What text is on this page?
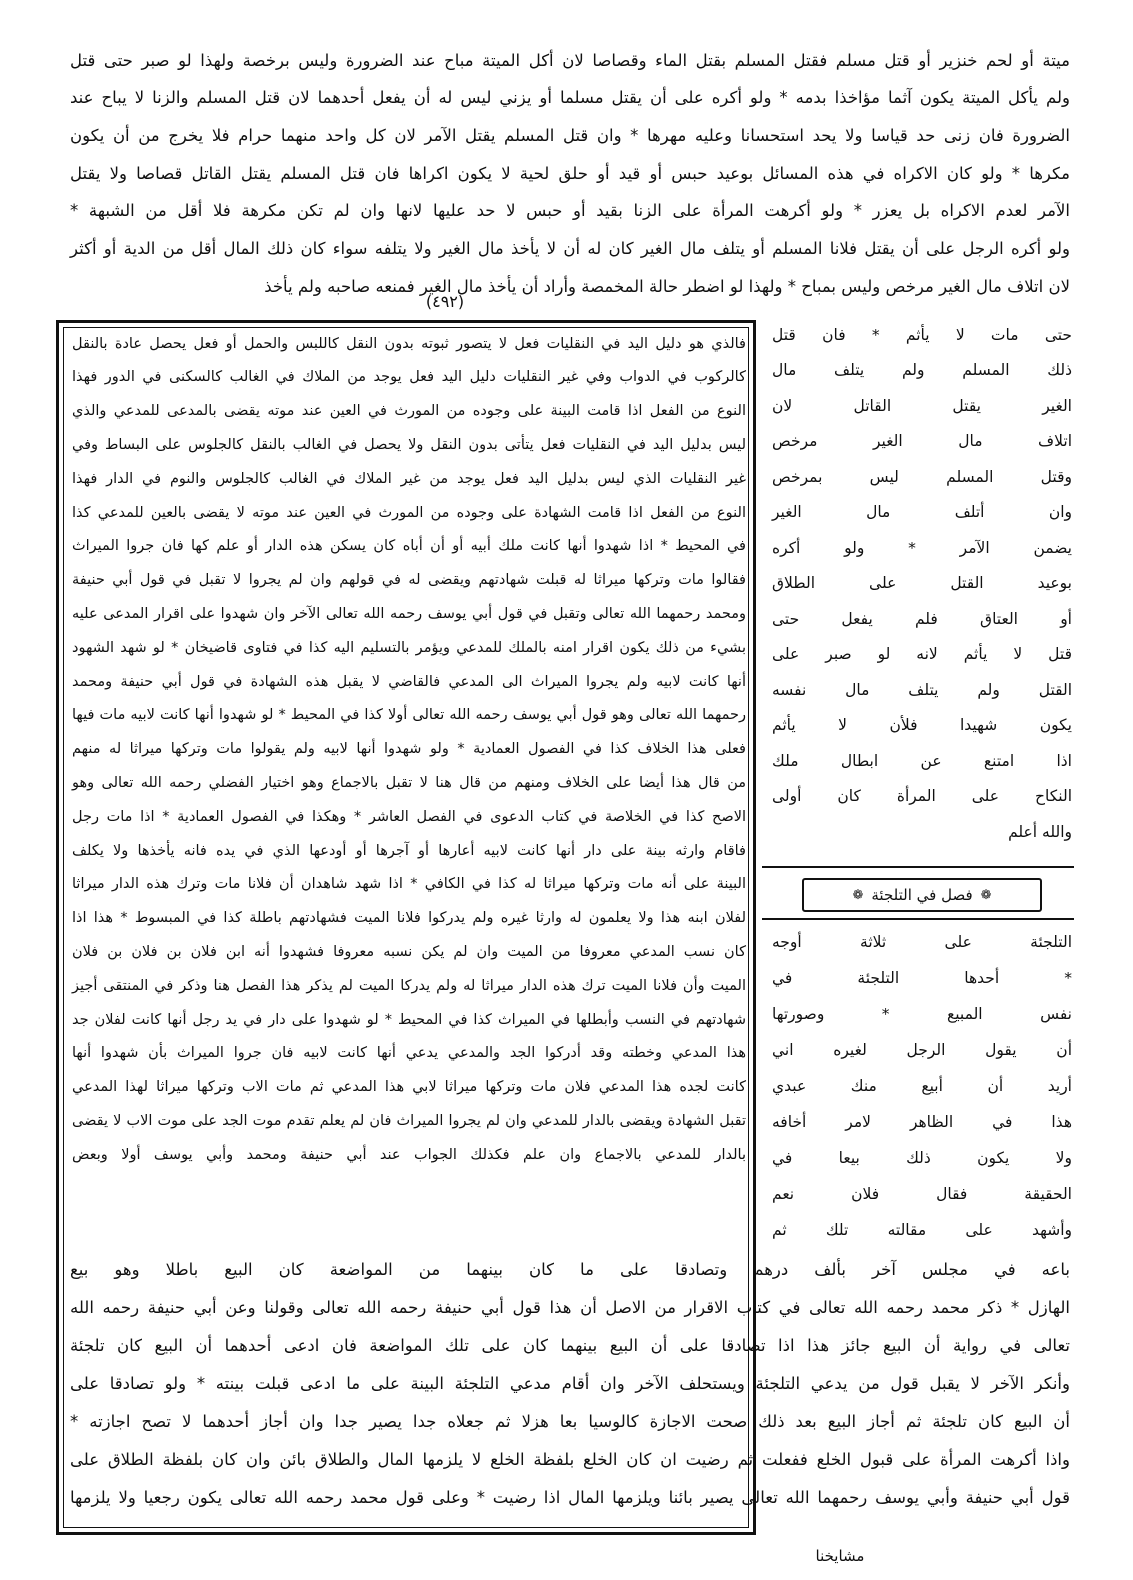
ميتة أو لحم خنزير أو قتل مسلم فقتل المسلم بقتل الماء وقصاصا لان أكل الميتة مباح عند الضرورة وليس برخصة ولهذا لو صبر حتى قتل
ولم يأكل الميتة يكون آثما مؤاخذا بدمه * ولو أكره على أن يقتل مسلما أو يزني ليس له أن يفعل أحدهما لان قتل المسلم والزنا لا يباح عند
الضرورة فان زنى حد قياسا ولا يحد استحسانا وعليه مهرها * وان قتل المسلم يقتل الآمر لان كل واحد منهما حرام فلا يخرج من أن يكون
مكرها * ولو كان الاكراه في هذه المسائل بوعيد حبس أو قيد أو حلق لحية لا يكون اكراها فان قتل المسلم يقتل القاتل قصاصا ولا يقتل
الآمر لعدم الاكراه بل يعزر * ولو أكرهت المرأة على الزنا بقيد أو حبس لا حد عليها لانها وان لم تكن مكرهة فلا أقل من الشبهة *
ولو أكره الرجل على أن يقتل فلانا المسلم أو يتلف مال الغير كان له أن لا يأخذ مال الغير ولا يتلفه سواء كان ذلك المال أقل من الدية أو أكثر
لان اتلاف مال الغير مرخص وليس بمباح * ولهذا لو اضطر حالة المخمصة وأراد أن يأخذ مال الغير فمنعه صاحبه ولم يأخذ
(٤٩٢)
حتى مات لا يأثم * فان قتل
ذلك المسلم ولم يتلف مال
الغير يقتل القاتل لان
اتلاف مال الغير مرخص
وقتل المسلم ليس بمرخص
وان أتلف مال الغير
يضمن الآمر * ولو أكره
بوعيد القتل على الطلاق
أو العتاق فلم يفعل حتى
قتل لا يأثم لانه لو صبر على
القتل ولم يتلف مال نفسه
يكون شهيدا فلأن لا يأثم
اذا امتنع عن ابطال ملك
النكاح على المرأة كان أولى
والله أعلم
❁
فصل في التلجئة
❁
التلجئة على ثلاثة أوجه
* أحدها التلجئة في
نفس المبيع * وصورتها
أن يقول الرجل لغيره اني
أريد أن أبيع منك عبدي
هذا في الظاهر لامر أخافه
ولا يكون ذلك بيعا في
الحقيقة فقال فلان نعم
وأشهد على مقالته تلك ثم
فالذي هو دليل اليد في النقليات فعل لا يتصور ثبوته بدون النقل كاللبس والحمل أو فعل يحصل عادة بالنقل
كالركوب في الدواب وفي غير النقليات دليل اليد فعل يوجد من الملاك في الغالب كالسكنى في الدور فهذا
النوع من الفعل اذا قامت البينة على وجوده من المورث في العين عند موته يقضى بالمدعى للمدعي والذي
ليس بدليل اليد في النقليات فعل يتأتى بدون النقل ولا يحصل في الغالب بالنقل كالجلوس على البساط وفي
غير النقليات الذي ليس بدليل اليد فعل يوجد من غير الملاك في الغالب كالجلوس والنوم في الدار فهذا
النوع من الفعل اذا قامت الشهادة على وجوده من المورث في العين عند موته لا يقضى بالعين للمدعي كذا
في المحيط * اذا شهدوا أنها كانت ملك أبيه أو أن أباه كان يسكن هذه الدار أو علم كها فان جروا الميراث
فقالوا مات وتركها ميراثا له قبلت شهادتهم ويقضى له في قولهم وان لم يجروا لا تقبل في قول أبي حنيفة
ومحمد رحمهما الله تعالى وتقبل في قول أبي يوسف رحمه الله تعالى الآخر وان شهدوا على اقرار المدعى عليه
بشيء من ذلك يكون اقرار امنه بالملك للمدعي ويؤمر بالتسليم اليه كذا في فتاوى قاضيخان * لو شهد الشهود
أنها كانت لابيه ولم يجروا الميراث الى المدعي فالقاضي لا يقبل هذه الشهادة في قول أبي حنيفة ومحمد
رحمهما الله تعالى وهو قول أبي يوسف رحمه الله تعالى أولا كذا في المحيط * لو شهدوا أنها كانت لابيه مات فيها
فعلى هذا الخلاف كذا في الفصول العمادية * ولو شهدوا أنها لابيه ولم يقولوا مات وتركها ميراثا له منهم
من قال هذا أيضا على الخلاف ومنهم من قال هنا لا تقبل بالاجماع وهو اختيار الفضلي رحمه الله تعالى وهو
الاصح كذا في الخلاصة في كتاب الدعوى في الفصل العاشر * وهكذا في الفصول العمادية * اذا مات رجل
فاقام وارثه بينة على دار أنها كانت لابيه أعارها أو آجرها أو أودعها الذي في يده فانه يأخذها ولا يكلف
البينة على أنه مات وتركها ميراثا له كذا في الكافي * اذا شهد شاهدان أن فلانا مات وترك هذه الدار ميراثا
لفلان ابنه هذا ولا يعلمون له وارثا غيره ولم يدركوا فلانا الميت فشهادتهم باطلة كذا في المبسوط * هذا اذا
كان نسب المدعي معروفا من الميت وان لم يكن نسبه معروفا فشهدوا أنه ابن فلان بن فلان بن فلان
الميت وأن فلانا الميت ترك هذه الدار ميراثا له ولم يدركا الميت لم يذكر هذا الفصل هنا وذكر في المنتقى أجيز
شهادتهم في النسب وأبطلها في الميراث كذا في المحيط * لو شهدوا على دار في يد رجل أنها كانت لفلان جد
هذا المدعي وخطته وقد أدركوا الجد والمدعي يدعي أنها كانت لابيه فان جروا الميراث بأن شهدوا أنها
كانت لجده هذا المدعي فلان مات وتركها ميراثا لابي هذا المدعي ثم مات الاب وتركها ميراثا لهذا المدعي
تقبل الشهادة ويقضى بالدار للمدعي وان لم يجروا الميراث فان لم يعلم تقدم موت الجد على موت الاب لا يقضى
بالدار للمدعي بالاجماع وان علم فكذلك الجواب عند أبي حنيفة ومحمد وأبي يوسف أولا وبعض
مشايخنا
باعه في مجلس آخر بألف درهم وتصادقا على ما كان بينهما من المواضعة كان البيع باطلا وهو بيع
الهازل * ذكر محمد رحمه الله تعالى في كتاب الاقرار من الاصل أن هذا قول أبي حنيفة رحمه الله تعالى وقولنا وعن أبي حنيفة رحمه الله
تعالى في رواية أن البيع جائز هذا اذا تصادقا على أن البيع بينهما كان على تلك المواضعة فان ادعى أحدهما أن البيع كان تلجئة
وأنكر الآخر لا يقبل قول من يدعي التلجئة ويستحلف الآخر وان أقام مدعي التلجئة البينة على ما ادعى قبلت بينته * ولو تصادقا على
أن البيع كان تلجئة ثم أجاز البيع بعد ذلك صحت الاجازة كالوسيا بعا هزلا ثم جعلاه جدا يصير جدا وان أجاز أحدهما لا تصح اجازته *
واذا أكرهت المرأة على قبول الخلع ففعلت ثم رضيت ان كان الخلع بلفظة الخلع لا يلزمها المال والطلاق بائن وان كان بلفظة الطلاق على
قول أبي حنيفة وأبي يوسف رحمهما الله تعالى يصير بائنا ويلزمها المال اذا رضيت * وعلى قول محمد رحمه الله تعالى يكون رجعيا ولا يلزمها
